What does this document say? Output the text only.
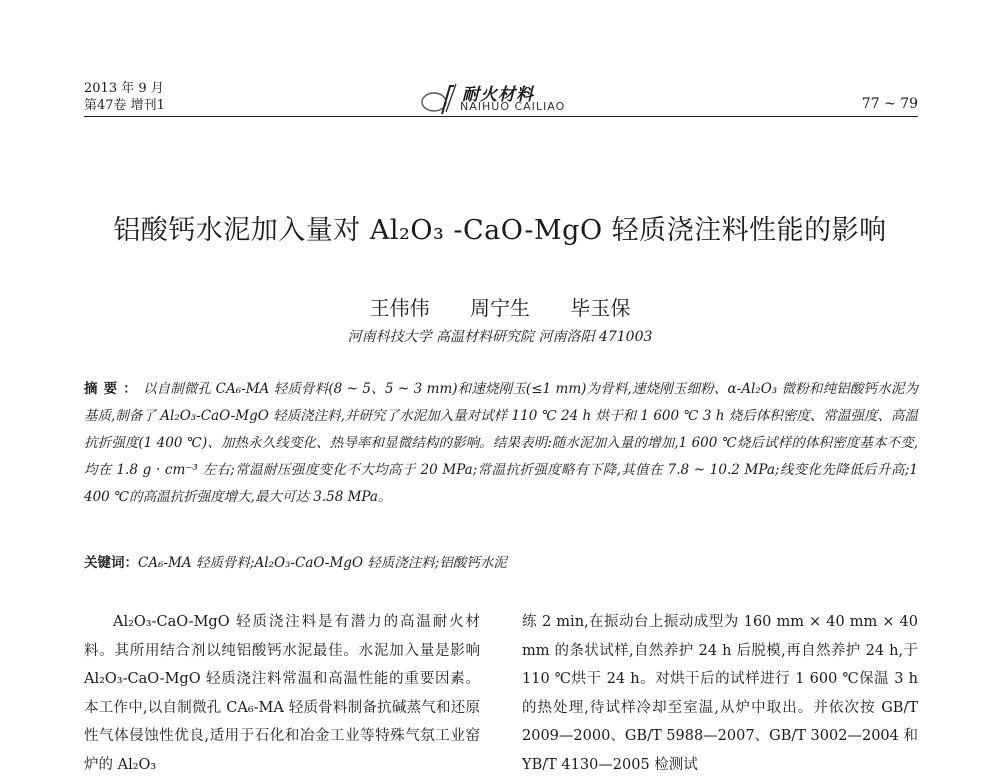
2013 年 9 月
第47卷 增刊1
耐火材料
NAIHUO CAILIAO	77 ~ 79
铝酸钙水泥加入量对 Al₂O₃ -CaO-MgO 轻质浇注料性能的影响
王伟伟 周宁生 毕玉保
河南科技大学 高温材料研究院 河南洛阳 471003
摘要：以自制微孔 CA₆-MA 轻质骨料(8 ~ 5、5 ~ 3 mm)和速烧刚玉(≤1 mm)为骨料,速烧刚玉细粉、α-Al₂O₃ 微粉和纯铝酸钙水泥为基质,制备了 Al₂O₃-CaO-MgO 轻质浇注料,并研究了水泥加入量对试样 110 ℃ 24 h 烘干和 1 600 ℃ 3 h 烧后体积密度、常温强度、高温抗折强度(1 400 ℃)、加热永久线变化、热导率和显微结构的影响。结果表明:随水泥加入量的增加,1 600 ℃烧后试样的体积密度基本不变,均在 1.8 g · cm⁻³ 左右;常温耐压强度变化不大均高于 20 MPa;常温抗折强度略有下降,其值在 7.8 ~ 10.2 MPa;线变化先降低后升高;1 400 ℃的高温抗折强度增大,最大可达 3.58 MPa。
关键词：CA₆-MA 轻质骨料;Al₂O₃-CaO-MgO 轻质浇注料;铝酸钙水泥
Al₂O₃-CaO-MgO 轻质浇注料是有潜力的高温耐火材料。其所用结合剂以纯铝酸钙水泥最佳。水泥加入量是影响 Al₂O₃-CaO-MgO 轻质浇注料常温和高温性能的重要因素。本工作中,以自制微孔 CA₆-MA 轻质骨料制备抗碱蒸气和还原性气体侵蚀性优良,适用于石化和冶金工业等特殊气氛工业窑炉的 Al₂O₃
练 2 min,在振动台上振动成型为 160 mm × 40 mm × 40 mm 的条状试样,自然养护 24 h 后脱模,再自然养护 24 h,于 110 ℃烘干 24 h。对烘干后的试样进行 1 600 ℃保温 3 h 的热处理,待试样冷却至室温,从炉中取出。并依次按 GB/T 2009—2000、GB/T 5988—2007、GB/T 3002—2004 和 YB/T 4130—2005 检测试
